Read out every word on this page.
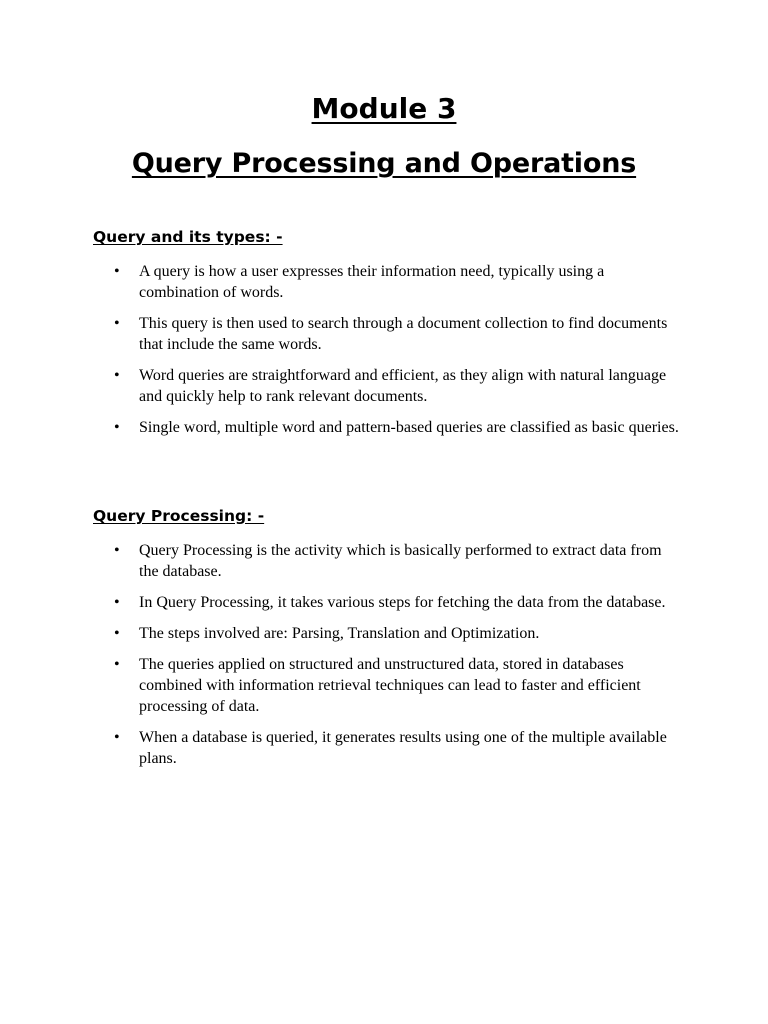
Module 3
Query Processing and Operations
Query and its types: -
• A query is how a user expresses their information need, typically using a combination of words.
• This query is then used to search through a document collection to find documents that include the same words.
• Word queries are straightforward and efficient, as they align with natural language and quickly help to rank relevant documents.
• Single word, multiple word and pattern-based queries are classified as basic queries.
Query Processing: -
• Query Processing is the activity which is basically performed to extract data from the database.
• In Query Processing, it takes various steps for fetching the data from the database.
• The steps involved are: Parsing, Translation and Optimization.
• The queries applied on structured and unstructured data, stored in databases combined with information retrieval techniques can lead to faster and efficient processing of data.
• When a database is queried, it generates results using one of the multiple available plans.
